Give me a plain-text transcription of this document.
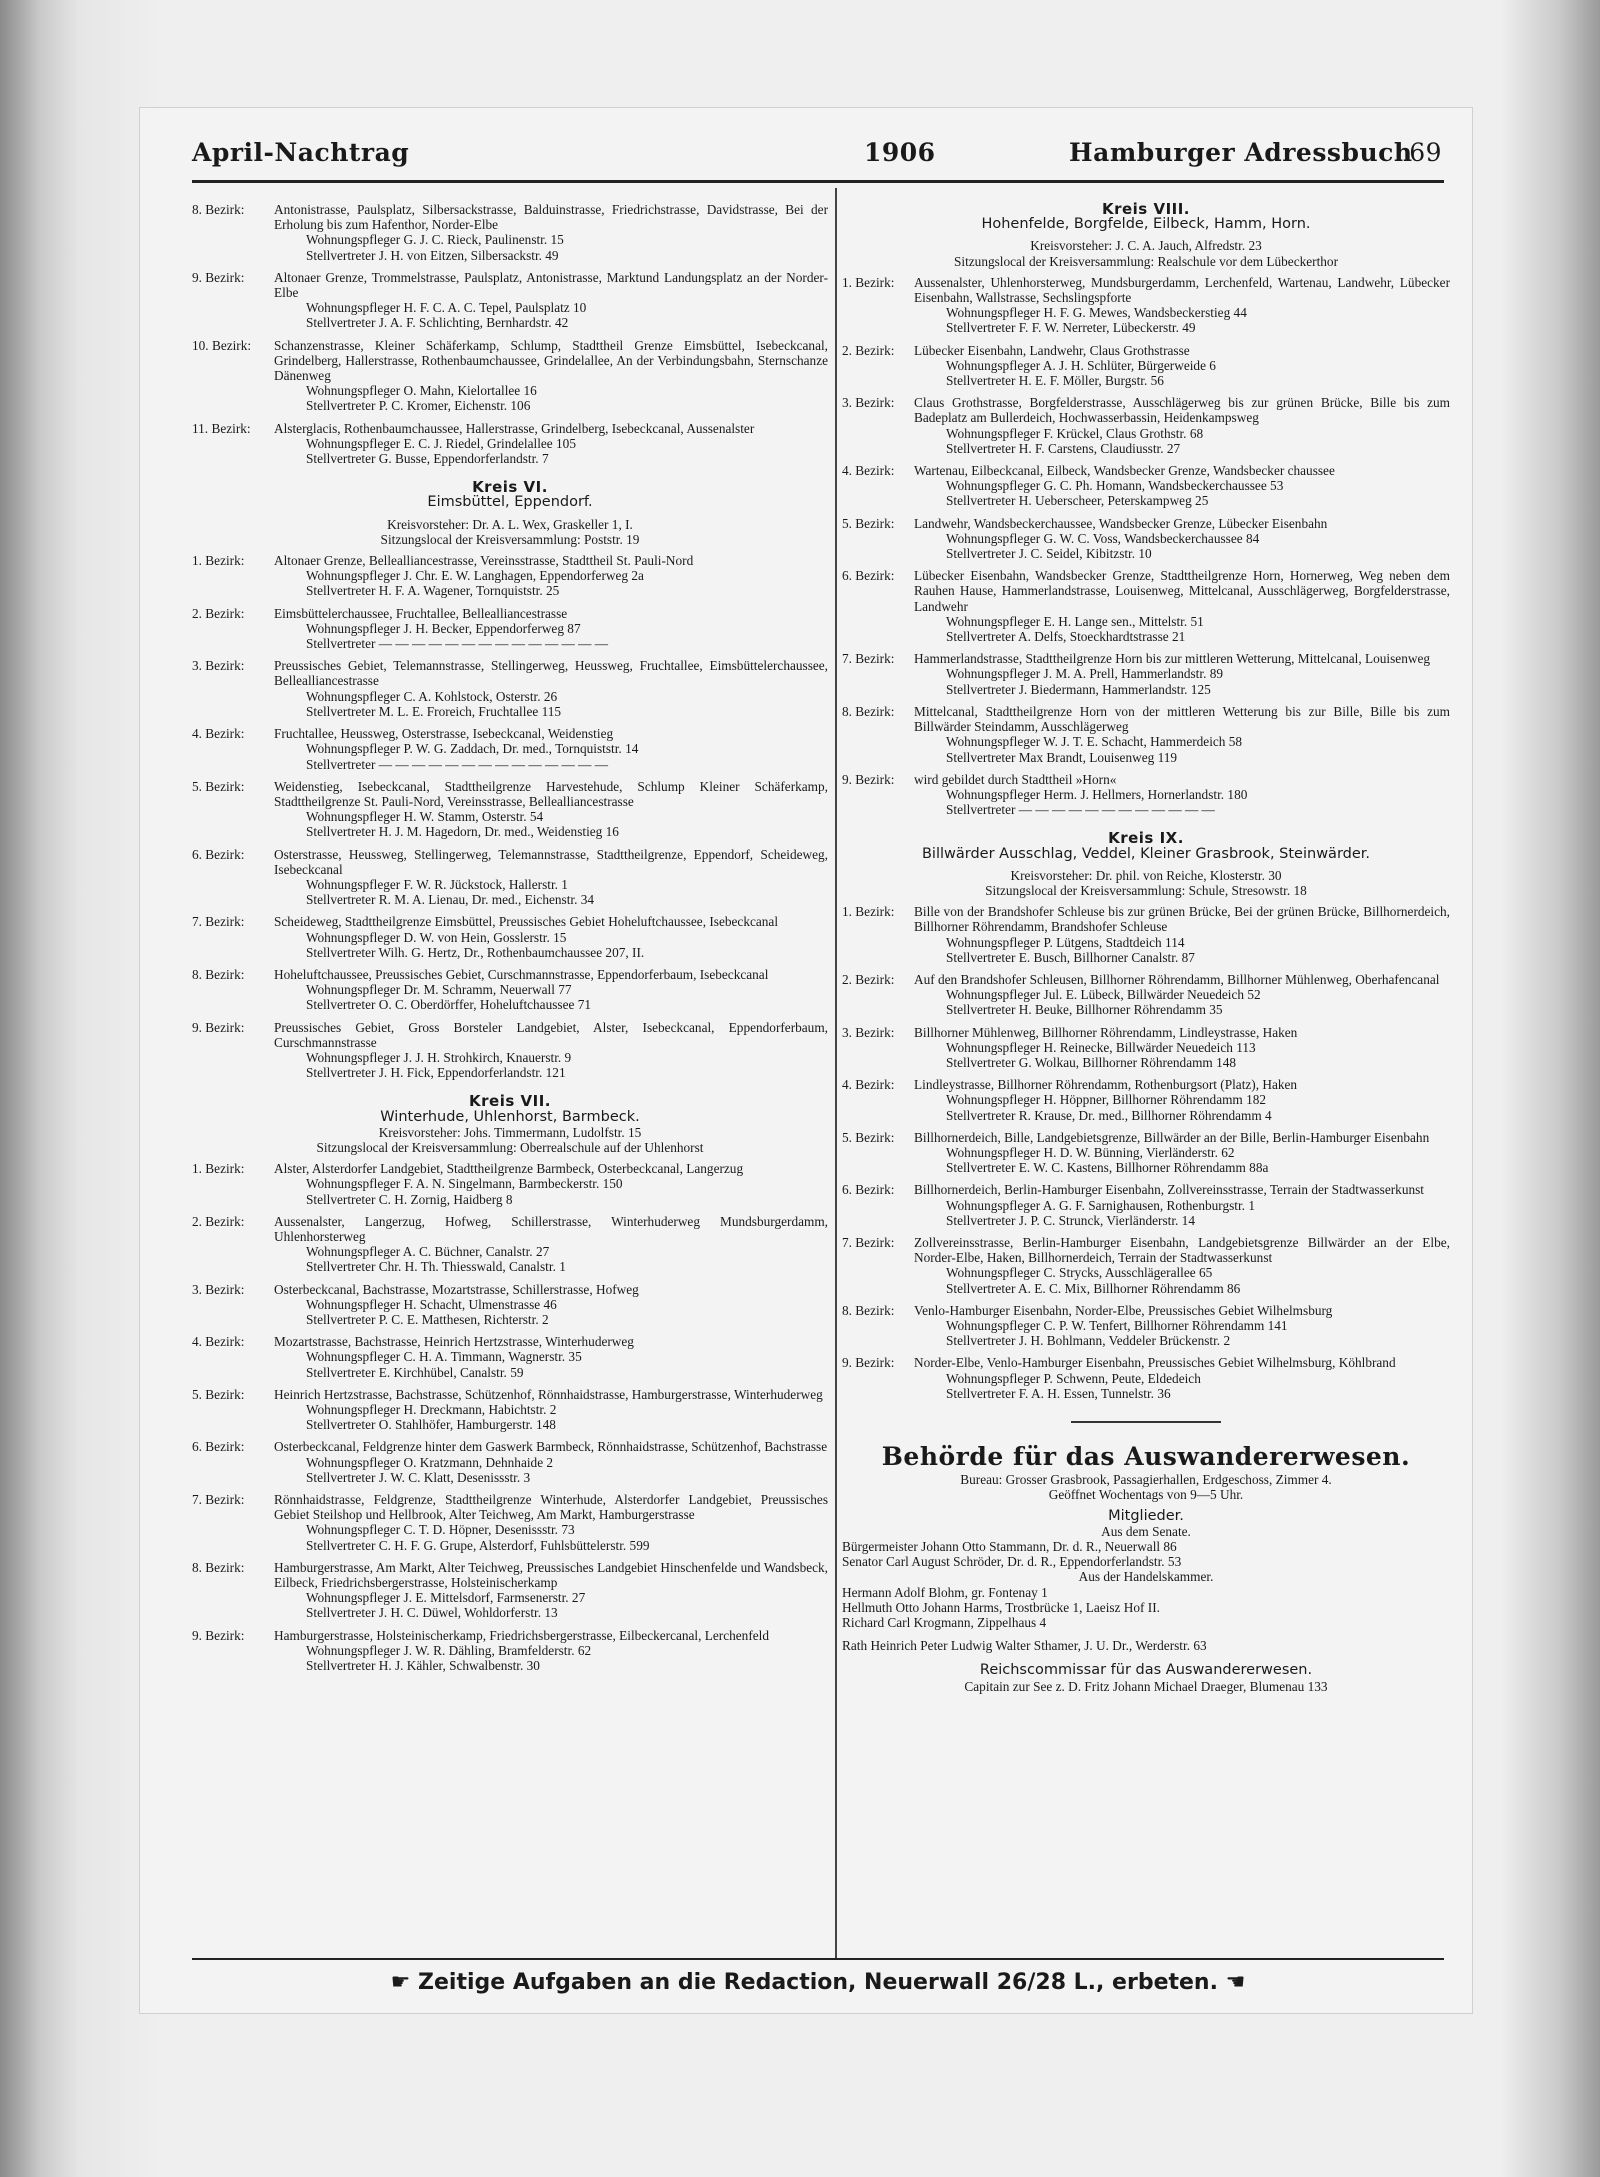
April-Nachtrag	1906	Hamburger Adressbuch
69
8. Bezirk:	Antonistrasse, Paulsplatz, Silbersackstrasse, Balduinstrasse, Friedrichstrasse, Davidstrasse, Bei der Erholung bis zum Hafenthor, Norder-Elbe
Wohnungspfleger G. J. C. Rieck, Paulinenstr. 15
Stellvertreter J. H. von Eitzen, Silbersackstr. 49
9. Bezirk:	Altonaer Grenze, Trommelstrasse, Paulsplatz, Antonistrasse, Marktund Landungsplatz an der Norder-Elbe
Wohnungspfleger H. F. C. A. C. Tepel, Paulsplatz 10
Stellvertreter J. A. F. Schlichting, Bernhardstr. 42
10. Bezirk:	Schanzenstrasse, Kleiner Schäferkamp, Schlump, Stadttheil Grenze Eimsbüttel, Isebeckcanal, Grindelberg, Hallerstrasse, Rothenbaumchaussee, Grindelallee, An der Verbindungsbahn, Sternschanze Dänenweg
Wohnungspfleger O. Mahn, Kielortallee 16
Stellvertreter P. C. Kromer, Eichenstr. 106
11. Bezirk:	Alsterglacis, Rothenbaumchaussee, Hallerstrasse, Grindelberg, Isebeckcanal, Aussenalster
Wohnungspfleger E. C. J. Riedel, Grindelallee 105
Stellvertreter G. Busse, Eppendorferlandstr. 7
Kreis VI.
Eimsbüttel, Eppendorf.
Kreisvorsteher: Dr. A. L. Wex, Graskeller 1, I.
Sitzungslocal der Kreisversammlung: Poststr. 19
1. Bezirk:	Altonaer Grenze, Bellealliancestrasse, Vereinsstrasse, Stadttheil St. Pauli-Nord
Wohnungspfleger J. Chr. E. W. Langhagen, Eppendorferweg 2a
Stellvertreter H. F. A. Wagener, Tornquiststr. 25
2. Bezirk:	Eimsbüttelerchaussee, Fruchtallee, Bellealliancestrasse
Wohnungspfleger J. H. Becker, Eppendorferweg 87
Stellvertreter — — — — — — — — — — — — — —
3. Bezirk:	Preussisches Gebiet, Telemannstrasse, Stellingerweg, Heussweg, Fruchtallee, Eimsbüttelerchaussee, Bellealliancestrasse
Wohnungspfleger C. A. Kohlstock, Osterstr. 26
Stellvertreter M. L. E. Froreich, Fruchtallee 115
4. Bezirk:	Fruchtallee, Heussweg, Osterstrasse, Isebeckcanal, Weidenstieg
Wohnungspfleger P. W. G. Zaddach, Dr. med., Tornquiststr. 14
Stellvertreter — — — — — — — — — — — — — —
5. Bezirk:	Weidenstieg, Isebeckcanal, Stadttheilgrenze Harvestehude, Schlump Kleiner Schäferkamp, Stadttheilgrenze St. Pauli-Nord, Vereinsstrasse, Bellealliancestrasse
Wohnungspfleger H. W. Stamm, Osterstr. 54
Stellvertreter H. J. M. Hagedorn, Dr. med., Weidenstieg 16
6. Bezirk:	Osterstrasse, Heussweg, Stellingerweg, Telemannstrasse, Stadttheilgrenze, Eppendorf, Scheideweg, Isebeckcanal
Wohnungspfleger F. W. R. Jückstock, Hallerstr. 1
Stellvertreter R. M. A. Lienau, Dr. med., Eichenstr. 34
7. Bezirk:	Scheideweg, Stadttheilgrenze Eimsbüttel, Preussisches Gebiet Hoheluftchaussee, Isebeckcanal
Wohnungspfleger D. W. von Hein, Gosslerstr. 15
Stellvertreter Wilh. G. Hertz, Dr., Rothenbaumchaussee 207, II.
8. Bezirk:	Hoheluftchaussee, Preussisches Gebiet, Curschmannstrasse, Eppendorferbaum, Isebeckcanal
Wohnungspfleger Dr. M. Schramm, Neuerwall 77
Stellvertreter O. C. Oberdörffer, Hoheluftchaussee 71
9. Bezirk:	Preussisches Gebiet, Gross Borsteler Landgebiet, Alster, Isebeckcanal, Eppendorferbaum, Curschmannstrasse
Wohnungspfleger J. J. H. Strohkirch, Knauerstr. 9
Stellvertreter J. H. Fick, Eppendorferlandstr. 121
Kreis VII.
Winterhude, Uhlenhorst, Barmbeck.
Kreisvorsteher: Johs. Timmermann, Ludolfstr. 15
Sitzungslocal der Kreisversammlung: Oberrealschule auf der Uhlenhorst
1. Bezirk:	Alster, Alsterdorfer Landgebiet, Stadttheilgrenze Barmbeck, Osterbeckcanal, Langerzug
Wohnungspfleger F. A. N. Singelmann, Barmbeckerstr. 150
Stellvertreter C. H. Zornig, Haidberg 8
2. Bezirk:	Aussenalster, Langerzug, Hofweg, Schillerstrasse, Winterhuderweg Mundsburgerdamm, Uhlenhorsterweg
Wohnungspfleger A. C. Büchner, Canalstr. 27
Stellvertreter Chr. H. Th. Thiesswald, Canalstr. 1
3. Bezirk:	Osterbeckcanal, Bachstrasse, Mozartstrasse, Schillerstrasse, Hofweg
Wohnungspfleger H. Schacht, Ulmenstrasse 46
Stellvertreter P. C. E. Matthesen, Richterstr. 2
4. Bezirk:	Mozartstrasse, Bachstrasse, Heinrich Hertzstrasse, Winterhuderweg
Wohnungspfleger C. H. A. Timmann, Wagnerstr. 35
Stellvertreter E. Kirchhübel, Canalstr. 59
5. Bezirk:	Heinrich Hertzstrasse, Bachstrasse, Schützenhof, Rönnhaidstrasse, Hamburgerstrasse, Winterhuderweg
Wohnungspfleger H. Dreckmann, Habichtstr. 2
Stellvertreter O. Stahlhöfer, Hamburgerstr. 148
6. Bezirk:	Osterbeckcanal, Feldgrenze hinter dem Gaswerk Barmbeck, Rönnhaidstrasse, Schützenhof, Bachstrasse
Wohnungspfleger O. Kratzmann, Dehnhaide 2
Stellvertreter J. W. C. Klatt, Desenissstr. 3
7. Bezirk:	Rönnhaidstrasse, Feldgrenze, Stadttheilgrenze Winterhude, Alsterdorfer Landgebiet, Preussisches Gebiet Steilshop und Hellbrook, Alter Teichweg, Am Markt, Hamburgerstrasse
Wohnungspfleger C. T. D. Höpner, Desenissstr. 73
Stellvertreter C. H. F. G. Grupe, Alsterdorf, Fuhlsbüttelerstr. 599
8. Bezirk:	Hamburgerstrasse, Am Markt, Alter Teichweg, Preussisches Landgebiet Hinschenfelde und Wandsbeck, Eilbeck, Friedrichsbergerstrasse, Holsteinischerkamp
Wohnungspfleger J. E. Mittelsdorf, Farmsenerstr. 27
Stellvertreter J. H. C. Düwel, Wohldorferstr. 13
9. Bezirk:	Hamburgerstrasse, Holsteinischerkamp, Friedrichsbergerstrasse, Eilbeckercanal, Lerchenfeld
Wohnungspfleger J. W. R. Dähling, Bramfelderstr. 62
Stellvertreter H. J. Kähler, Schwalbenstr. 30
Kreis VIII.
Hohenfelde, Borgfelde, Eilbeck, Hamm, Horn.
Kreisvorsteher: J. C. A. Jauch, Alfredstr. 23
Sitzungslocal der Kreisversammlung: Realschule vor dem Lübeckerthor
1. Bezirk:	Aussenalster, Uhlenhorsterweg, Mundsburgerdamm, Lerchenfeld, Wartenau, Landwehr, Lübecker Eisenbahn, Wallstrasse, Sechslingspforte
Wohnungspfleger H. F. G. Mewes, Wandsbeckerstieg 44
Stellvertreter F. F. W. Nerreter, Lübeckerstr. 49
2. Bezirk:	Lübecker Eisenbahn, Landwehr, Claus Grothstrasse
Wohnungspfleger A. J. H. Schlüter, Bürgerweide 6
Stellvertreter H. E. F. Möller, Burgstr. 56
3. Bezirk:	Claus Grothstrasse, Borgfelderstrasse, Ausschlägerweg bis zur grünen Brücke, Bille bis zum Badeplatz am Bullerdeich, Hochwasserbassin, Heidenkampsweg
Wohnungspfleger F. Krückel, Claus Grothstr. 68
Stellvertreter H. F. Carstens, Claudiusstr. 27
4. Bezirk:	Wartenau, Eilbeckcanal, Eilbeck, Wandsbecker Grenze, Wandsbecker chaussee
Wohnungspfleger G. C. Ph. Homann, Wandsbeckerchaussee 53
Stellvertreter H. Ueberscheer, Peterskampweg 25
5. Bezirk:	Landwehr, Wandsbeckerchaussee, Wandsbecker Grenze, Lübecker Eisenbahn
Wohnungspfleger G. W. C. Voss, Wandsbeckerchaussee 84
Stellvertreter J. C. Seidel, Kibitzstr. 10
6. Bezirk:	Lübecker Eisenbahn, Wandsbecker Grenze, Stadttheilgrenze Horn, Hornerweg, Weg neben dem Rauhen Hause, Hammerlandstrasse, Louisenweg, Mittelcanal, Ausschlägerweg, Borgfelderstrasse, Landwehr
Wohnungspfleger E. H. Lange sen., Mittelstr. 51
Stellvertreter A. Delfs, Stoeckhardtstrasse 21
7. Bezirk:	Hammerlandstrasse, Stadttheilgrenze Horn bis zur mittleren Wetterung, Mittelcanal, Louisenweg
Wohnungspfleger J. M. A. Prell, Hammerlandstr. 89
Stellvertreter J. Biedermann, Hammerlandstr. 125
8. Bezirk:	Mittelcanal, Stadttheilgrenze Horn von der mittleren Wetterung bis zur Bille, Bille bis zum Billwärder Steindamm, Ausschlägerweg
Wohnungspfleger W. J. T. E. Schacht, Hammerdeich 58
Stellvertreter Max Brandt, Louisenweg 119
9. Bezirk:	wird gebildet durch Stadttheil »Horn«
Wohnungspfleger Herm. J. Hellmers, Hornerlandstr. 180
Stellvertreter — — — — — — — — — — — —
Kreis IX.
Billwärder Ausschlag, Veddel, Kleiner Grasbrook, Steinwärder.
Kreisvorsteher: Dr. phil. von Reiche, Klosterstr. 30
Sitzungslocal der Kreisversammlung: Schule, Stresowstr. 18
1. Bezirk:	Bille von der Brandshofer Schleuse bis zur grünen Brücke, Bei der grünen Brücke, Billhornerdeich, Billhorner Röhrendamm, Brandshofer Schleuse
Wohnungspfleger P. Lütgens, Stadtdeich 114
Stellvertreter E. Busch, Billhorner Canalstr. 87
2. Bezirk:	Auf den Brandshofer Schleusen, Billhorner Röhrendamm, Billhorner Mühlenweg, Oberhafencanal
Wohnungspfleger Jul. E. Lübeck, Billwärder Neuedeich 52
Stellvertreter H. Beuke, Billhorner Röhrendamm 35
3. Bezirk:	Billhorner Mühlenweg, Billhorner Röhrendamm, Lindleystrasse, Haken
Wohnungspfleger H. Reinecke, Billwärder Neuedeich 113
Stellvertreter G. Wolkau, Billhorner Röhrendamm 148
4. Bezirk:	Lindleystrasse, Billhorner Röhrendamm, Rothenburgsort (Platz), Haken
Wohnungspfleger H. Höppner, Billhorner Röhrendamm 182
Stellvertreter R. Krause, Dr. med., Billhorner Röhrendamm 4
5. Bezirk:	Billhornerdeich, Bille, Landgebietsgrenze, Billwärder an der Bille, Berlin-Hamburger Eisenbahn
Wohnungspfleger H. D. W. Bünning, Vierländerstr. 62
Stellvertreter E. W. C. Kastens, Billhorner Röhrendamm 88a
6. Bezirk:	Billhornerdeich, Berlin-Hamburger Eisenbahn, Zollvereinsstrasse, Terrain der Stadtwasserkunst
Wohnungspfleger A. G. F. Sarnighausen, Rothenburgstr. 1
Stellvertreter J. P. C. Strunck, Vierländerstr. 14
7. Bezirk:	Zollvereinsstrasse, Berlin-Hamburger Eisenbahn, Landgebietsgrenze Billwärder an der Elbe, Norder-Elbe, Haken, Billhornerdeich, Terrain der Stadtwasserkunst
Wohnungspfleger C. Strycks, Ausschlägerallee 65
Stellvertreter A. E. C. Mix, Billhorner Röhrendamm 86
8. Bezirk:	Venlo-Hamburger Eisenbahn, Norder-Elbe, Preussisches Gebiet Wilhelmsburg
Wohnungspfleger C. P. W. Tenfert, Billhorner Röhrendamm 141
Stellvertreter J. H. Bohlmann, Veddeler Brückenstr. 2
9. Bezirk:	Norder-Elbe, Venlo-Hamburger Eisenbahn, Preussisches Gebiet Wilhelmsburg, Köhlbrand
Wohnungspfleger P. Schwenn, Peute, Eldedeich
Stellvertreter F. A. H. Essen, Tunnelstr. 36
Behörde für das Auswandererwesen.
Bureau: Grosser Grasbrook, Passagierhallen, Erdgeschoss, Zimmer 4.
Geöffnet Wochentags von 9—5 Uhr.
Mitglieder.
Aus dem Senate.
Bürgermeister Johann Otto Stammann, Dr. d. R., Neuerwall 86
Senator Carl August Schröder, Dr. d. R., Eppendorferlandstr. 53
Aus der Handelskammer.
Hermann Adolf Blohm, gr. Fontenay 1
Hellmuth Otto Johann Harms, Trostbrücke 1, Laeisz Hof II.
Richard Carl Krogmann, Zippelhaus 4
Rath Heinrich Peter Ludwig Walter Sthamer, J. U. Dr., Werderstr. 63
Reichscommissar für das Auswandererwesen.
Capitain zur See z. D. Fritz Johann Michael Draeger, Blumenau 133
☛ Zeitige Aufgaben an die Redaction, Neuerwall 26/28 L., erbeten. ☚
